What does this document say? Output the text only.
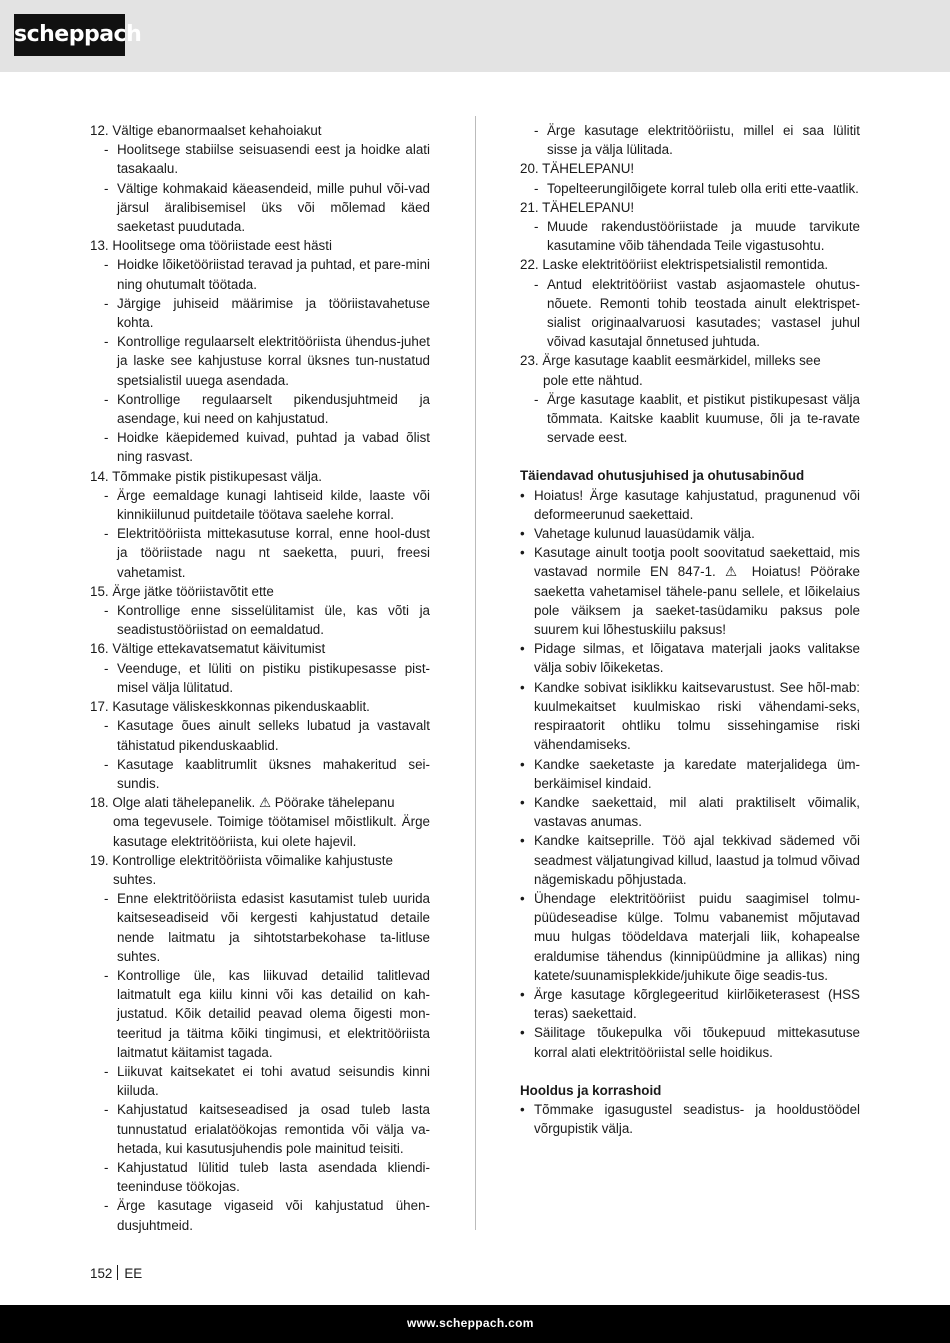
scheppach
12. Vältige ebanormaalset kehahoiakut
- Hoolitsege stabiilse seisuasendi eest ja hoidke alati tasakaalu.
- Vältige kohmakaid käeasendeid, mille puhul või-vad järsul äralibisemisel üks või mõlemad käed saeketast puudutada.
13. Hoolitsege oma tööriistade eest hästi
- Hoidke lõiketööriistad teravad ja puhtad, et pare-mini ning ohutumalt töötada.
- Järgige juhiseid määrimise ja tööriistavahetuse kohta.
- Kontrollige regulaarselt elektritööriista ühendus-juhet ja laske see kahjustuse korral üksnes tun-nustatud spetsialistil uuega asendada.
- Kontrollige regulaarselt pikendusjuhtmeid ja asendage, kui need on kahjustatud.
- Hoidke käepidemed kuivad, puhtad ja vabad õlist ning rasvast.
14. Tõmmake pistik pistikupesast välja.
- Ärge eemaldage kunagi lahtiseid kilde, laaste või kinnikiilunud puitdetaile töötava saelehe korral.
- Elektritööriista mittekasutuse korral, enne hool-dust ja tööriistade nagu nt saeketta, puuri, freesi vahetamist.
15. Ärge jätke tööriistavõtit ette
- Kontrollige enne sisselülitamist üle, kas võti ja seadistustööriistad on eemaldatud.
16. Vältige ettekavatsematut käivitumist
- Veenduge, et lüliti on pistiku pistikupesasse pist-misel välja lülitatud.
17. Kasutage väliskeskkonnas pikenduskaablit.
- Kasutage õues ainult selleks lubatud ja vastavalt tähistatud pikenduskaablid.
- Kasutage kaablitrumlit üksnes mahakeritud sei-sundis.
18. Olge alati tähelepanelik. ⚠ Pöörake tähelepanu
oma tegevusele. Toimige töötamisel mõistlikult. Ärge kasutage elektritööriista, kui olete hajevil.
19. Kontrollige elektritööriista võimalike kahjustuste
suhtes.
- Enne elektritööriista edasist kasutamist tuleb uurida kaitseseadiseid või kergesti kahjustatud detaile nende laitmatu ja sihtotstarbekohase ta-litluse suhtes.
- Kontrollige üle, kas liikuvad detailid talitlevad laitmatult ega kiilu kinni või kas detailid on kah-justatud. Kõik detailid peavad olema õigesti mon-teeritud ja täitma kõiki tingimusi, et elektritööriista laitmatut käitamist tagada.
- Liikuvat kaitsekatet ei tohi avatud seisundis kinni kiiluda.
- Kahjustatud kaitseseadised ja osad tuleb lasta tunnustatud erialatöökojas remontida või välja va-hetada, kui kasutusjuhendis pole mainitud teisiti.
- Kahjustatud lülitid tuleb lasta asendada kliendi-teeninduse töökojas.
- Ärge kasutage vigaseid või kahjustatud ühen-dusjuhtmeid.
- Ärge kasutage elektritööriistu, millel ei saa lülitit sisse ja välja lülitada.
20. TÄHELEPANU!
- Topelteerungilõigete korral tuleb olla eriti ette-vaatlik.
21. TÄHELEPANU!
- Muude rakendustööriistade ja muude tarvikute kasutamine võib tähendada Teile vigastusohtu.
22. Laske elektritööriist elektrispetsialistil remontida.
- Antud elektritööriist vastab asjaomastele ohutus-nõuete. Remonti tohib teostada ainult elektrispet-sialist originaalvaruosi kasutades; vastasel juhul võivad kasutajal õnnetused juhtuda.
23. Ärge kasutage kaablit eesmärkidel, milleks see
pole ette nähtud.
- Ärge kasutage kaablit, et pistikut pistikupesast välja tõmmata. Kaitske kaablit kuumuse, õli ja te-ravate servade eest.
Täiendavad ohutusjuhised ja ohutusabinõud
• Hoiatus! Ärge kasutage kahjustatud, pragunenud või deformeerunud saekettaid.
• Vahetage kulunud lauasüdamik välja.
• Kasutage ainult tootja poolt soovitatud saekettaid, mis vastavad normile EN 847-1. ⚠ Hoiatus! Pöörake saeketta vahetamisel tähele-panu sellele, et lõikelaius pole väiksem ja saeket-tasüdamiku paksus pole suurem kui lõhestuskiilu paksus!
• Pidage silmas, et lõigatava materjali jaoks valitakse välja sobiv lõikeketas.
• Kandke sobivat isiklikku kaitsevarustust. See hõl-mab: kuulmekaitset kuulmiskao riski vähendami-seks, respiraatorit ohtliku tolmu sissehingamise riski vähendamiseks.
• Kandke saeketaste ja karedate materjalidega üm-berkäimisel kindaid.
• Kandke saekettaid, mil alati praktiliselt võimalik, vastavas anumas.
• Kandke kaitseprille. Töö ajal tekkivad sädemed või seadmest väljatungivad killud, laastud ja tolmud võivad nägemiskadu põhjustada.
• Ühendage elektritööriist puidu saagimisel tolmu-püüdeseadise külge. Tolmu vabanemist mõjutavad muu hulgas töödeldava materjali liik, kohapealse eraldumise tähendus (kinnipüüdmine ja allikas) ning katete/suunamisplekkide/juhikute õige seadis-tus.
• Ärge kasutage kõrglegeeritud kiirlõiketerasest (HSS teras) saekettaid.
• Säilitage tõukepulka või tõukepuud mittekasutuse korral alati elektritööriistal selle hoidikus.
Hooldus ja korrashoid
• Tõmmake igasugustel seadistus- ja hooldustöödel võrgupistik välja.
152 EE
www.scheppach.com
